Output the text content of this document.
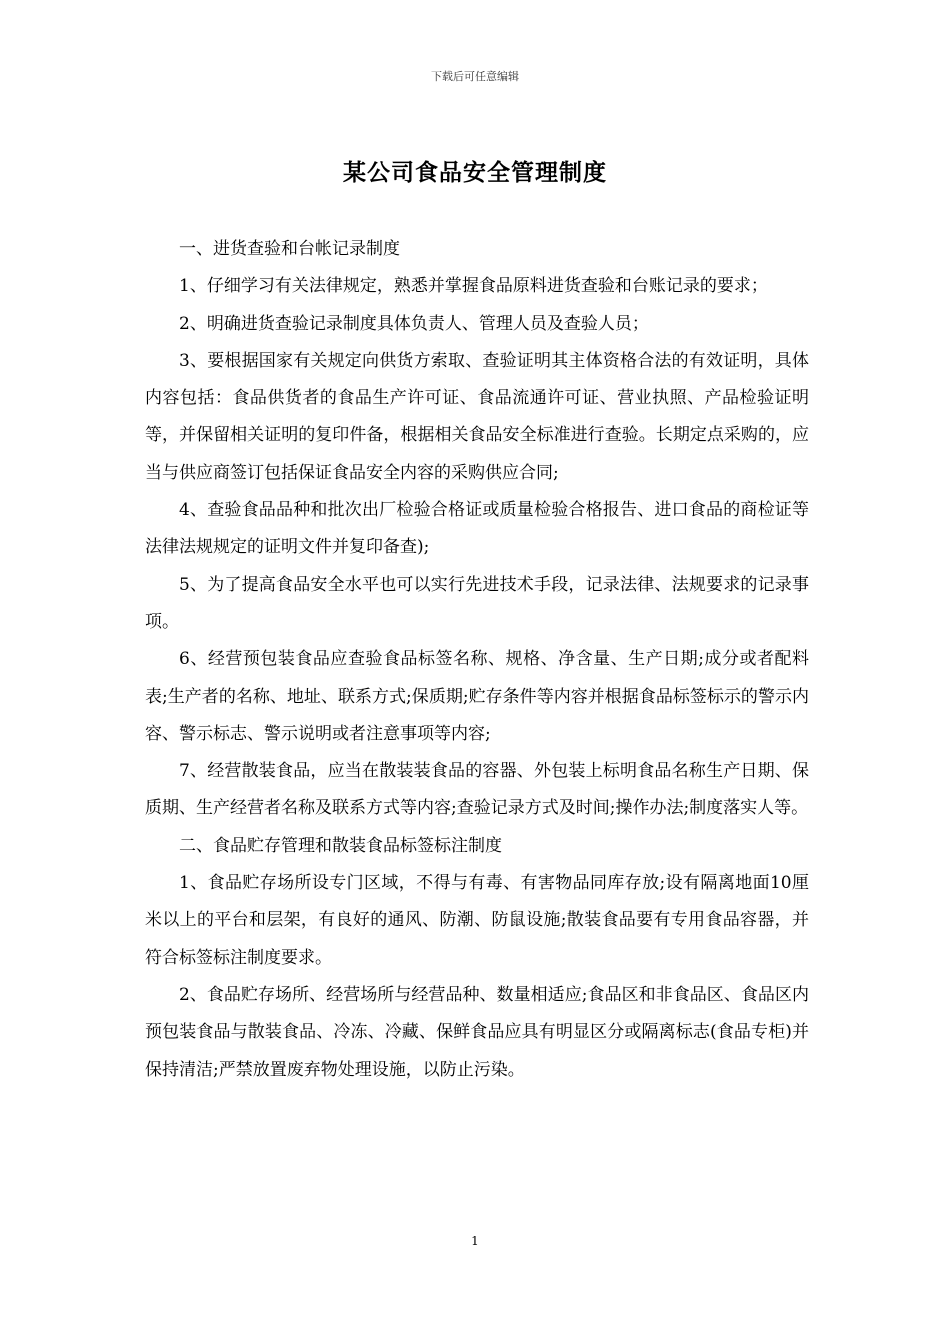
下载后可任意编辑
某公司食品安全管理制度

一、进货查验和台帐记录制度

1、仔细学习有关法律规定，熟悉并掌握食品原料进货查验和台账记录的要求；

2、明确进货查验记录制度具体负责人、管理人员及查验人员；

3、要根据国家有关规定向供货方索取、查验证明其主体资格合法的有效证明，具体内容包括：食品供货者的食品生产许可证、食品流通许可证、营业执照、产品检验证明等，并保留相关证明的复印件备，根据相关食品安全标准进行查验。长期定点采购的，应当与供应商签订包括保证食品安全内容的采购供应合同;

4、查验食品品种和批次出厂检验合格证或质量检验合格报告、进口食品的商检证等法律法规规定的证明文件并复印备查);

5、为了提高食品安全水平也可以实行先进技术手段，记录法律、法规要求的记录事项。

6、经营预包装食品应查验食品标签名称、规格、净含量、生产日期;成分或者配料表;生产者的名称、地址、联系方式;保质期;贮存条件等内容并根据食品标签标示的警示内容、警示标志、警示说明或者注意事项等内容;

7、经营散装食品，应当在散装装食品的容器、外包装上标明食品名称生产日期、保质期、生产经营者名称及联系方式等内容;查验记录方式及时间;操作办法;制度落实人等。

二、食品贮存管理和散装食品标签标注制度

1、食品贮存场所设专门区域，不得与有毒、有害物品同库存放;设有隔离地面10厘米以上的平台和层架，有良好的通风、防潮、防鼠设施;散装食品要有专用食品容器，并符合标签标注制度要求。

2、食品贮存场所、经营场所与经营品种、数量相适应;食品区和非食品区、食品区内预包装食品与散装食品、冷冻、冷藏、保鲜食品应具有明显区分或隔离标志(食品专柜)并保持清洁;严禁放置废弃物处理设施，以防止污染。

1
